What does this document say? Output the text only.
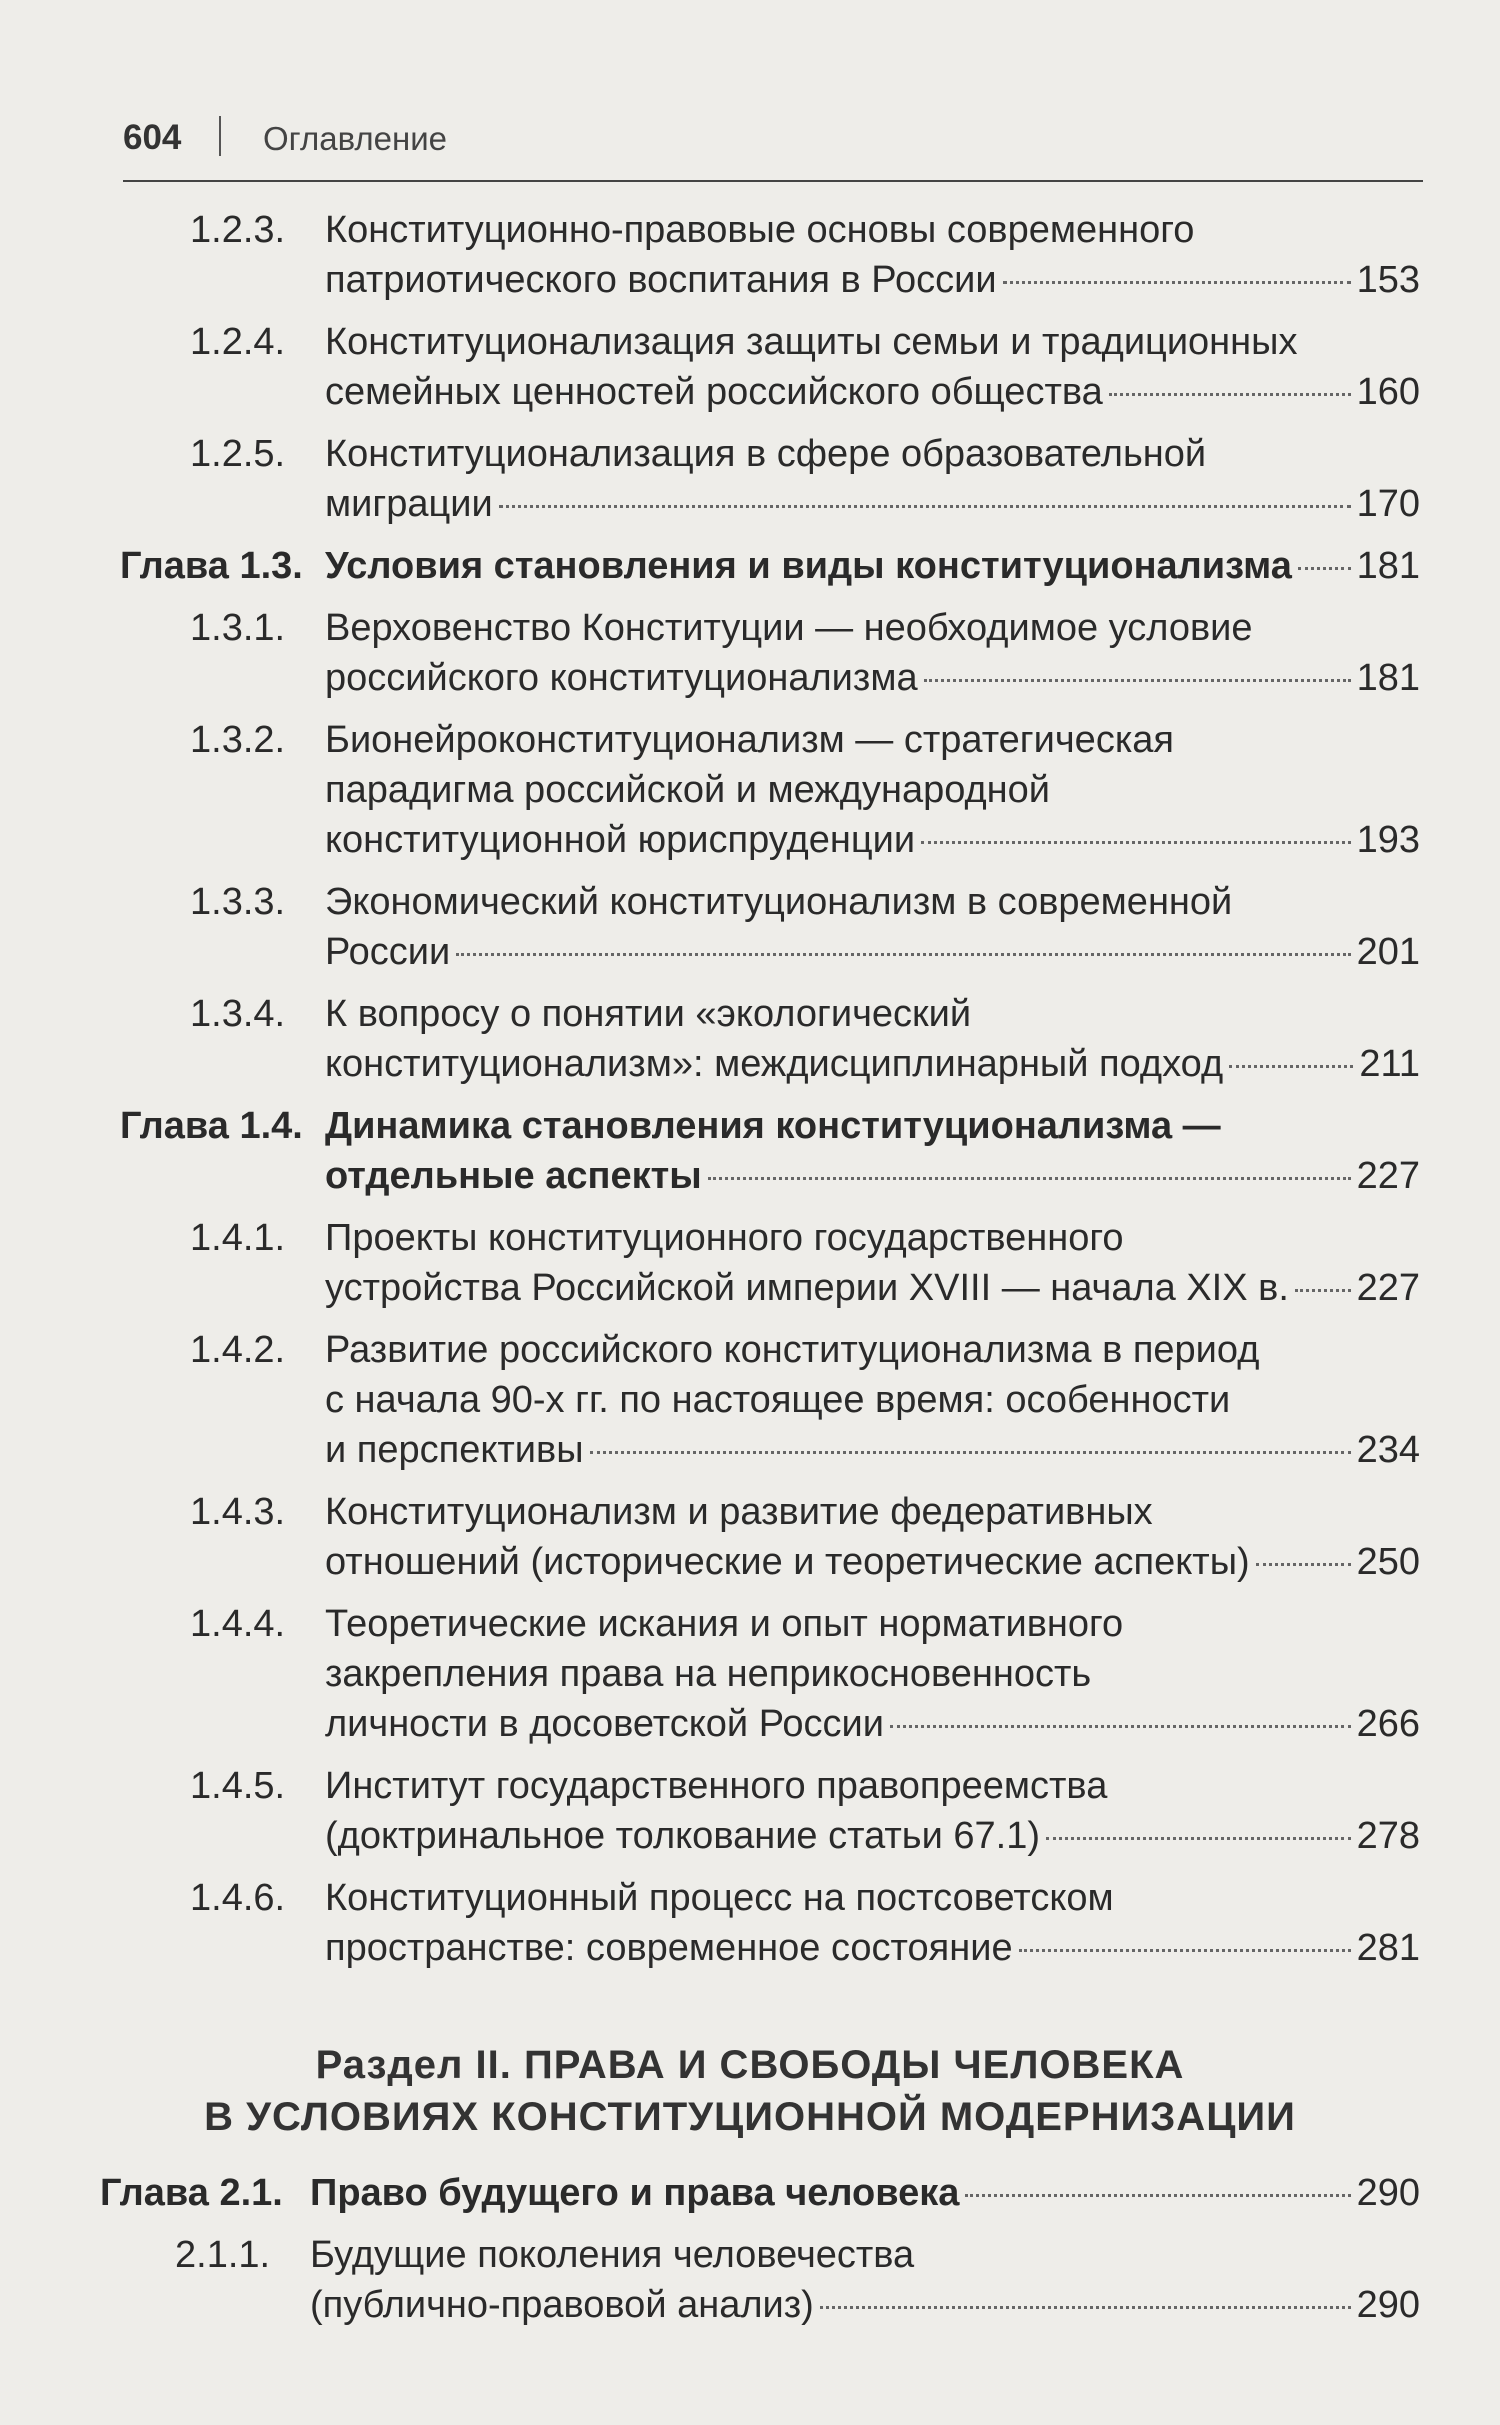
604 Оглавление
1.2.3. Конституционно-правовые основы современного
патриотического воспитания в России	153
1.2.4. Конституционализация защиты семьи и традиционных
семейных ценностей российского общества	160
1.2.5. Конституционализация в сфере образовательной
миграции	170
Глава 1.3. Условия становления и виды конституционализма 181
1.3.1. Верховенство Конституции — необходимое условие
российского конституционализма	181
1.3.2. Бионейроконституционализм — стратегическая
парадигма российской и международной
конституционной юриспруденции	193
1.3.3. Экономический конституционализм в современной
России	201
1.3.4. К вопросу о понятии «экологический
конституционализм»: междисциплинарный подход	211
Глава 1.4. Динамика становления конституционализма —
отдельные аспекты	227
1.4.1. Проекты конституционного государственного
устройства Российской империи XVIII — начала XIX в. 227
1.4.2. Развитие российского конституционализма в период
с начала 90-х гг. по настоящее время: особенности
и перспективы	234
1.4.3. Конституционализм и развитие федеративных
отношений (исторические и теоретические аспекты)	250
1.4.4. Теоретические искания и опыт нормативного
закрепления права на неприкосновенность
личности в досоветской России	266
1.4.5. Институт государственного правопреемства
(доктринальное толкование статьи 67.1)	278
1.4.6. Конституционный процесс на постсоветском
пространстве: современное состояние	281
Раздел II. ПРАВА И СВОБОДЫ ЧЕЛОВЕКА
В УСЛОВИЯХ КОНСТИТУЦИОННОЙ МОДЕРНИЗАЦИИ
Глава 2.1. Право будущего и права человека	290
2.1.1. Будущие поколения человечества
(публично-правовой анализ)	290
